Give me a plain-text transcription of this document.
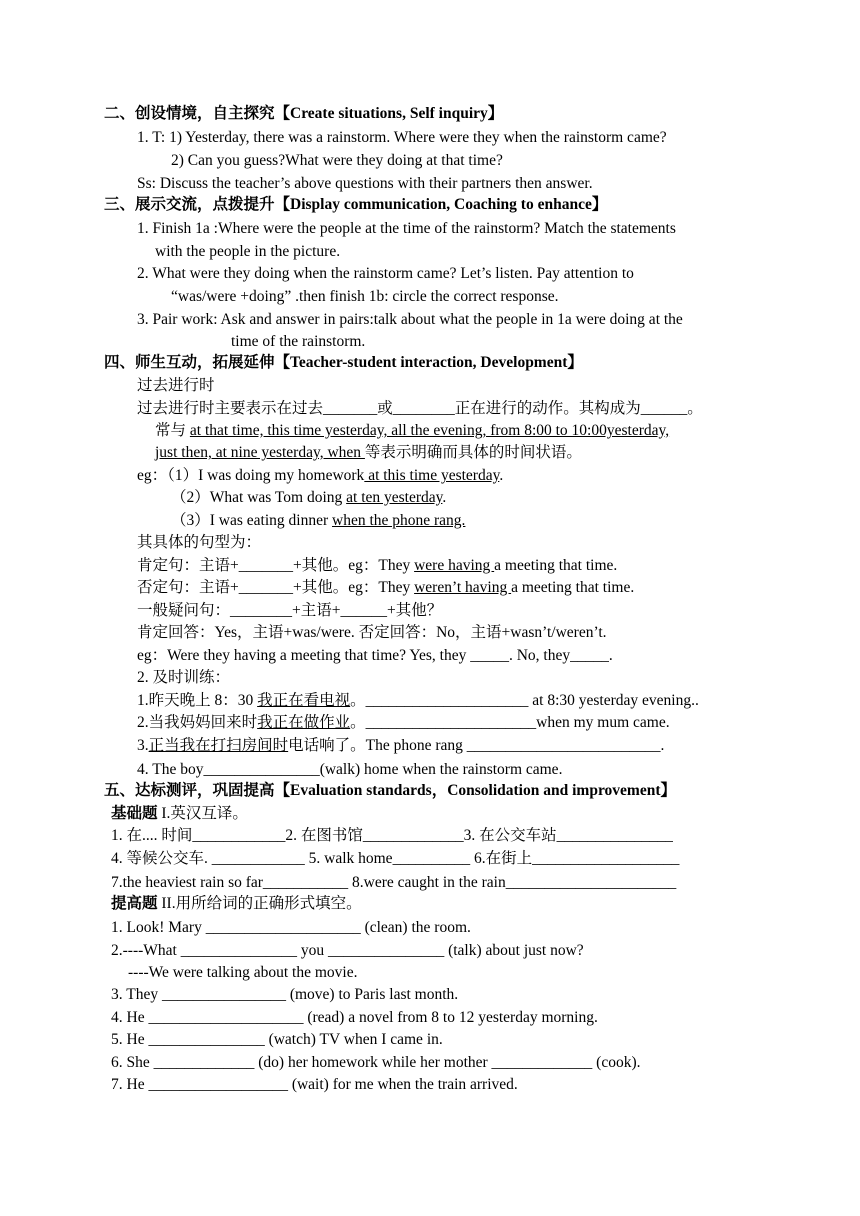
二、创设情境，自主探究【Create situations, Self inquiry】
1. T: 1) Yesterday, there was a rainstorm. Where were they when the rainstorm came?
2) Can you guess?What were they doing at that time?
Ss: Discuss the teacher’s above questions with their partners then answer.
三、展示交流，点拨提升【Display communication, Coaching to enhance】
1. Finish 1a :Where were the people at the time of the rainstorm? Match the statements
with the people in the picture.
2. What were they doing when the rainstorm came? Let’s listen. Pay attention to
“was/were +doing” .then finish 1b: circle the correct response.
3. Pair work: Ask and answer in pairs:talk about what the people in 1a were doing at the
time of the rainstorm.
四、师生互动，拓展延伸【Teacher-student interaction, Development】
过去进行时
过去进行时主要表示在过去_______或________正在进行的动作。其构成为______。
常与 at that time, this time yesterday, all the evening, from 8:00 to 10:00yesterday,
just then, at nine yesterday, when 等表示明确而具体的时间状语。
eg：（1）I was doing my homework at this time yesterday.
（2）What was Tom doing at ten yesterday.
（3）I was eating dinner when the phone rang.
其具体的句型为：
肯定句：主语+_______+其他。eg：They were having a meeting that time.
否定句：主语+_______+其他。eg：They weren’t having a meeting that time.
一般疑问句：________+主语+______+其他？
肯定回答：Yes，主语+was/were. 否定回答：No，主语+wasn’t/weren’t.
eg：Were they having a meeting that time? Yes, they _____. No, they_____.
2. 及时训练：
1.昨天晚上 8：30 我正在看电视。_____________________ at 8:30 yesterday evening..
2.当我妈妈回来时我正在做作业。______________________when my mum came.
3.正当我在打扫房间时电话响了。The phone rang _________________________.
4. The boy_______________(walk) home when the rainstorm came.
五、达标测评，巩固提高【Evaluation standards，Consolidation and improvement】
基础题 I.英汉互译。
1. 在.... 时间____________2. 在图书馆_____________3. 在公交车站_______________
4. 等候公交车. ____________ 5. walk home__________ 6.在街上___________________
7.the heaviest rain so far___________ 8.were caught in the rain______________________
提高题 II.用所给词的正确形式填空。
1. Look! Mary ____________________ (clean) the room.
2.----What _______________ you _______________ (talk) about just now?
----We were talking about the movie.
3. They ________________ (move) to Paris last month.
4. He ____________________ (read) a novel from 8 to 12 yesterday morning.
5. He _______________ (watch) TV when I came in.
6. She _____________ (do) her homework while her mother _____________ (cook).
7. He __________________ (wait) for me when the train arrived.
